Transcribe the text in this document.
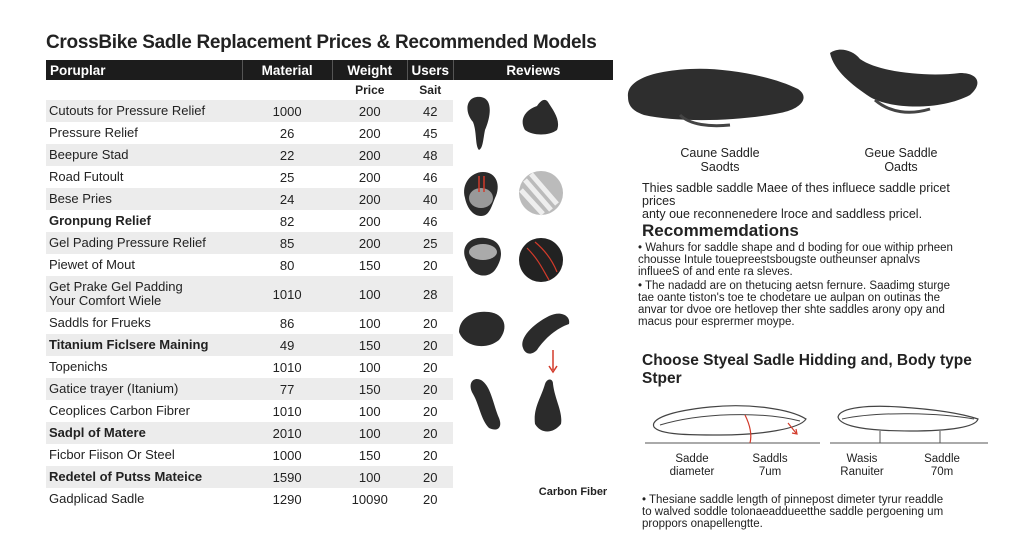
CrossBike Sadle Replacement Prices & Recommended Models
Poruplar	Material	Weight	Users	Reviews
		Price	Sait	Carbon Fiber

Cutouts for Pressure Relief	1000	200	42	
Pressure Relief	26	200	45	
Beepure Stad	22	200	48	
Road Futoult	25	200	46	
Bese Pries	24	200	40	
Gronpung Relief	82	200	46	
Gel Pading Pressure Relief	85	200	25	
Piewet of Mout	80	150	20	
Get Prake Gel Padding
Your Comfort Wiele	1010	100	28	
Saddls for Frueks	86	100	20	
Titanium Ficlsere Maining	49	150	20	
Topenichs	1010	100	20	
Gatice trayer (Itanium)	77	150	20	
Ceoplices Carbon Fibrer	1010	100	20	
Sadpl of Matere	2010	100	20	
Ficbor Fiison Or Steel	1000	150	20	
Redetel of Putss Mateice	1590	100	20	
Gadplicad Sadle	1290	10090	20	
Caune Saddle
Saodts
Geue Saddle
Oadts
Thies sadble saddle Maee of thes influece saddle pricet prices
anty oue reconnenedere lroce and saddless pricel.
Recommemdations
• Wahurs for saddle shape and d boding for oue withip prheen
chousse Intule touepreestsbougste outheunser apnalvs
influeeS of and ente ra sleves.
• The nadadd are on thetucing aetsn fernure. Saadimg sturge
tae oante tiston's toe te chodetare ue aulpan on outinas the
anvar tor dvoe ore hetlovep ther shte saddles arony opy and
macus pour esprermer moype.
Choose Styeal Sadle Hidding and, Body type
Stper
Sadde
diameter
Saddls
7um
Wasis
Ranuiter
Saddle
70m
• Thesiane saddle length of pinnepost dimeter tyrur readdle
to walved soddle tolonaeaddueetthe saddle pergoening um
proppors onapellengtte.
